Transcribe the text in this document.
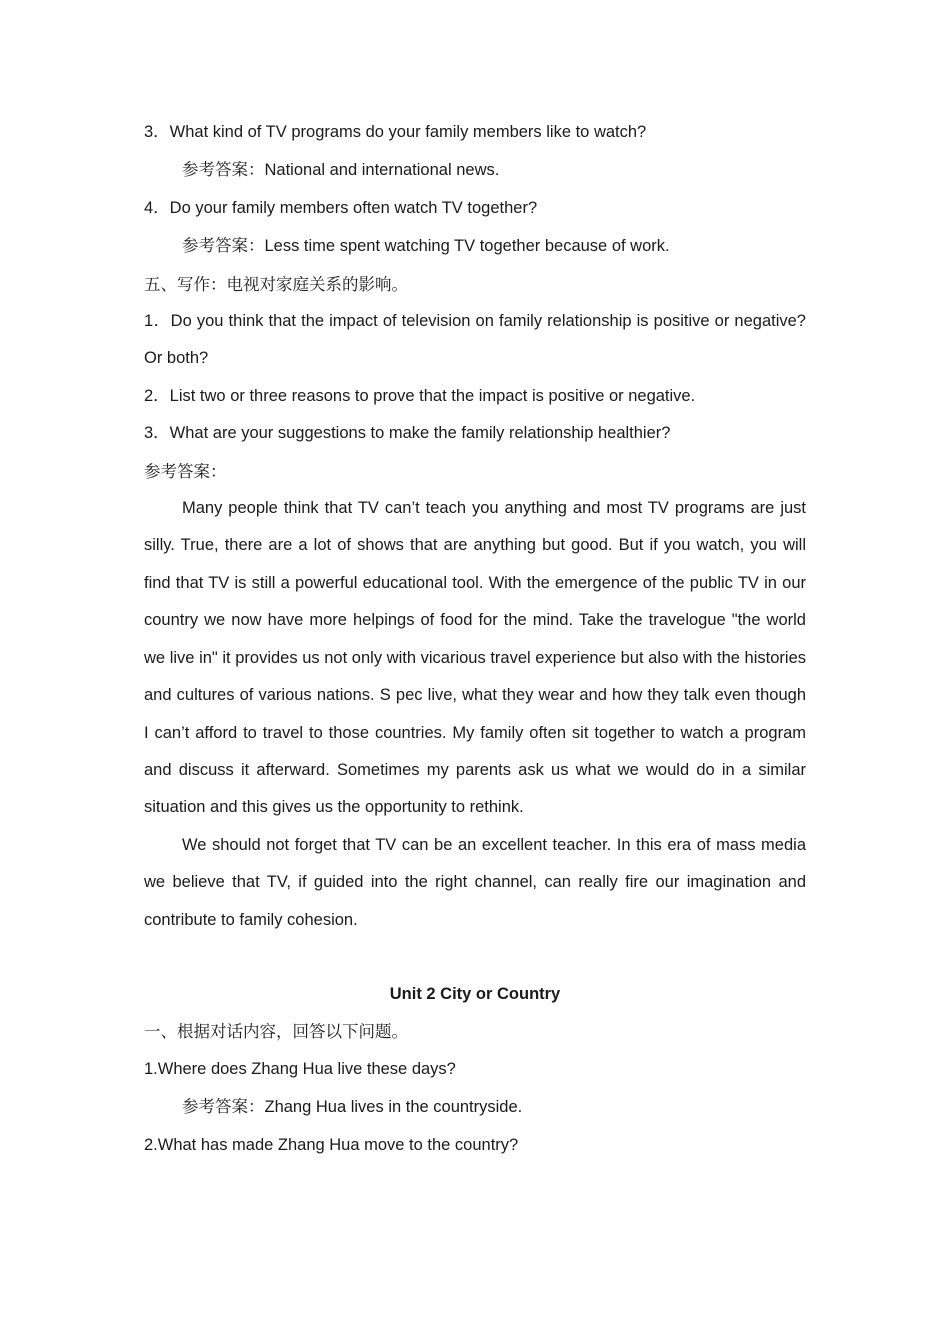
3．What kind of TV programs do your family members like to watch?

参考答案：National and international news.

4．Do your family members often watch TV together?

参考答案：Less time spent watching TV together because of work.

五、写作：电视对家庭关系的影响。

1．Do you think that the impact of television on family relationship is positive or negative? Or both?

2．List two or three reasons to prove that the impact is positive or negative.

3．What are your suggestions to make the family relationship healthier?

参考答案：

Many people think that TV can’t teach you anything and most TV programs are just silly. True, there are a lot of shows that are anything but good. But if you watch, you will find that TV is still a powerful educational tool. With the emergence of the public TV in our country we now have more helpings of food for the mind. Take the travelogue "the world we live in" it provides us not only with vicarious travel experience but also with the histories and cultures of various nations. S pec live, what they wear and how they talk even though I can’t afford to travel to those countries. My family often sit together to watch a program and discuss it afterward. Sometimes my parents ask us what we would do in a similar situation and this gives us the opportunity to rethink.

We should not forget that TV can be an excellent teacher. In this era of mass media we believe that TV, if guided into the right channel, can really fire our imagination and contribute to family cohesion.

Unit 2 City or Country

一、根据对话内容，回答以下问题。

1.Where does Zhang Hua live these days?

参考答案：Zhang Hua lives in the countryside.

2.What has made Zhang Hua move to the country?
